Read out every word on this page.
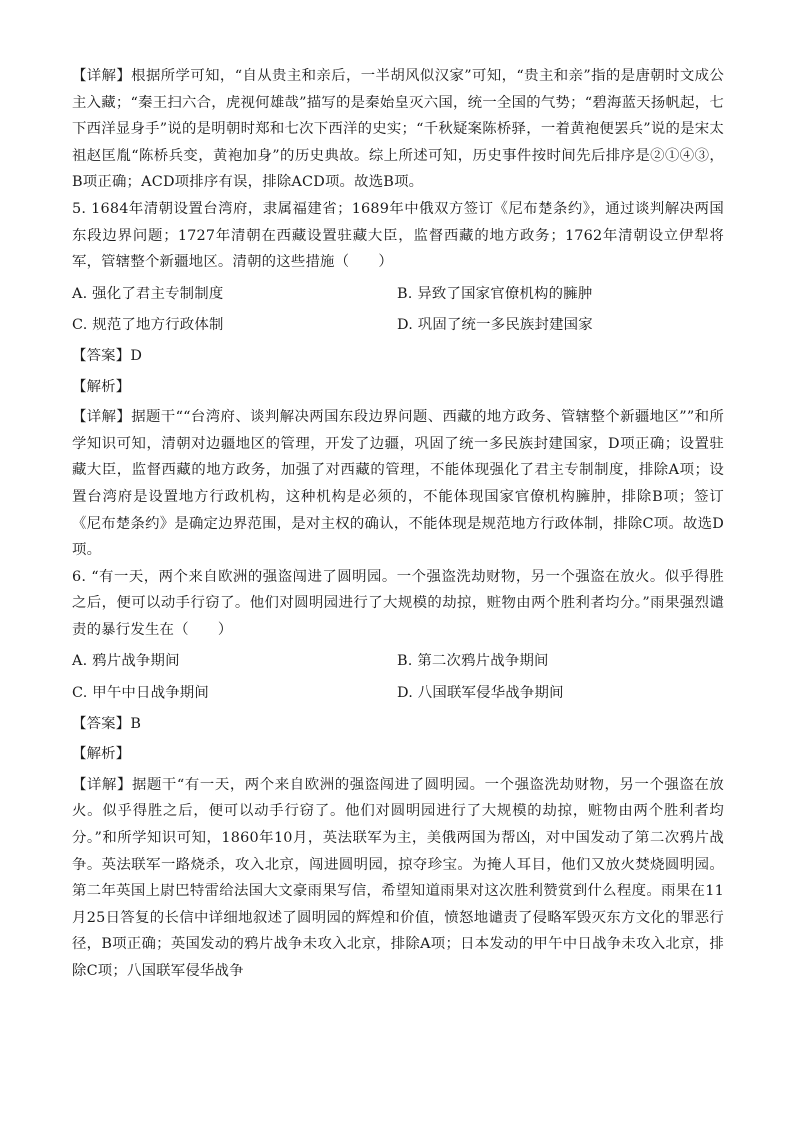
【详解】根据所学可知，“自从贵主和亲后，一半胡风似汉家”可知，“贵主和亲”指的是唐朝时文成公主入藏；“秦王扫六合，虎视何雄哉”描写的是秦始皇灭六国，统一全国的气势；“碧海蓝天扬帆起，七下西洋显身手”说的是明朝时郑和七次下西洋的史实；“千秋疑案陈桥驿，一着黄袍便罢兵”说的是宋太祖赵匡胤“陈桥兵变，黄袍加身”的历史典故。综上所述可知，历史事件按时间先后排序是②①④③，B项正确；ACD项排序有误，排除ACD项。故选B项。

5. 1684年清朝设置台湾府，隶属福建省；1689年中俄双方签订《尼布楚条约》，通过谈判解决两国东段边界问题；1727年清朝在西藏设置驻藏大臣，监督西藏的地方政务；1762年清朝设立伊犁将军，管辖整个新疆地区。清朝的这些措施（　　）

A. 强化了君主专制制度	B. 异致了国家官僚机构的臃肿
C. 规范了地方行政体制	D. 巩固了统一多民族封建国家
【答案】D
【解析】

【详解】据题干““台湾府、谈判解决两国东段边界问题、西藏的地方政务、管辖整个新疆地区””和所学知识可知，清朝对边疆地区的管理，开发了边疆，巩固了统一多民族封建国家，D项正确；设置驻藏大臣，监督西藏的地方政务，加强了对西藏的管理，不能体现强化了君主专制制度，排除A项；设置台湾府是设置地方行政机构，这种机构是必须的，不能体现国家官僚机构臃肿，排除B项；签订《尼布楚条约》是确定边界范围，是对主权的确认，不能体现是规范地方行政体制，排除C项。故选D项。

6. “有一天，两个来自欧洲的强盗闯进了圆明园。一个强盗洗劫财物，另一个强盗在放火。似乎得胜之后，便可以动手行窃了。他们对圆明园进行了大规模的劫掠，赃物由两个胜利者均分。”雨果强烈谴责的暴行发生在（　　）

A. 鸦片战争期间	B. 第二次鸦片战争期间
C. 甲午中日战争期间	D. 八国联军侵华战争期间
【答案】B
【解析】

【详解】据题干“有一天，两个来自欧洲的强盗闯进了圆明园。一个强盗洗劫财物，另一个强盗在放火。似乎得胜之后，便可以动手行窃了。他们对圆明园进行了大规模的劫掠，赃物由两个胜利者均分。”和所学知识可知，1860年10月，英法联军为主，美俄两国为帮凶，对中国发动了第二次鸦片战争。英法联军一路烧杀，攻入北京，闯进圆明园，掠夺珍宝。为掩人耳目，他们又放火焚烧圆明园。第二年英国上尉巴特雷给法国大文豪雨果写信，希望知道雨果对这次胜利赞赏到什么程度。雨果在11月25日答复的长信中详细地叙述了圆明园的辉煌和价值，愤怒地谴责了侵略军毁灭东方文化的罪恶行径，B项正确；英国发动的鸦片战争未攻入北京，排除A项；日本发动的甲午中日战争未攻入北京，排除C项；八国联军侵华战争
